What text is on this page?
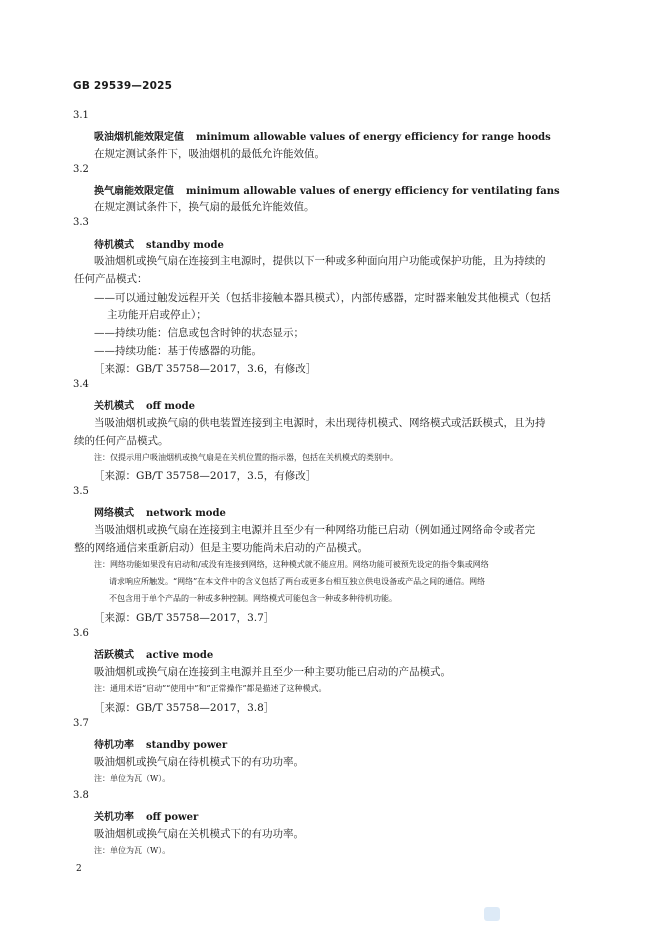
GB 29539—2025
3.1
吸油烟机能效限定值 minimum allowable values of energy efficiency for range hoods
在规定测试条件下，吸油烟机的最低允许能效值。
3.2
换气扇能效限定值 minimum allowable values of energy efficiency for ventilating fans
在规定测试条件下，换气扇的最低允许能效值。
3.3
待机模式 standby mode
吸油烟机或换气扇在连接到主电源时，提供以下一种或多种面向用户功能或保护功能，且为持续的
任何产品模式：
——可以通过触发远程开关（包括非接触本器具模式），内部传感器，定时器来触发其他模式（包括
主功能开启或停止）；
——持续功能：信息或包含时钟的状态显示；
——持续功能：基于传感器的功能。
［来源：GB/T 35758—2017，3.6，有修改］
3.4
关机模式 off mode
当吸油烟机或换气扇的供电装置连接到主电源时，未出现待机模式、网络模式或活跃模式，且为持
续的任何产品模式。
注：仅提示用户吸油烟机或换气扇是在关机位置的指示器，包括在关机模式的类别中。
［来源：GB/T 35758—2017，3.5，有修改］
3.5
网络模式 network mode
当吸油烟机或换气扇在连接到主电源并且至少有一种网络功能已启动（例如通过网络命令或者完
整的网络通信来重新启动）但是主要功能尚未启动的产品模式。
注：网络功能如果没有启动和/或没有连接到网络，这种模式就不能应用。网络功能可被预先设定的指令集或网络
请求响应所触发。“网络”在本文件中的含义包括了两台或更多台相互独立供电设备或产品之间的通信。网络
不包含用于单个产品的一种或多种控制。网络模式可能包含一种或多种待机功能。
［来源：GB/T 35758—2017，3.7］
3.6
活跃模式 active mode
吸油烟机或换气扇在连接到主电源并且至少一种主要功能已启动的产品模式。
注：通用术语“启动”“使用中”和“正常操作”都是描述了这种模式。
［来源：GB/T 35758—2017，3.8］
3.7
待机功率 standby power
吸油烟机或换气扇在待机模式下的有功功率。
注：单位为瓦（W）。
3.8
关机功率 off power
吸油烟机或换气扇在关机模式下的有功功率。
注：单位为瓦（W）。
2
